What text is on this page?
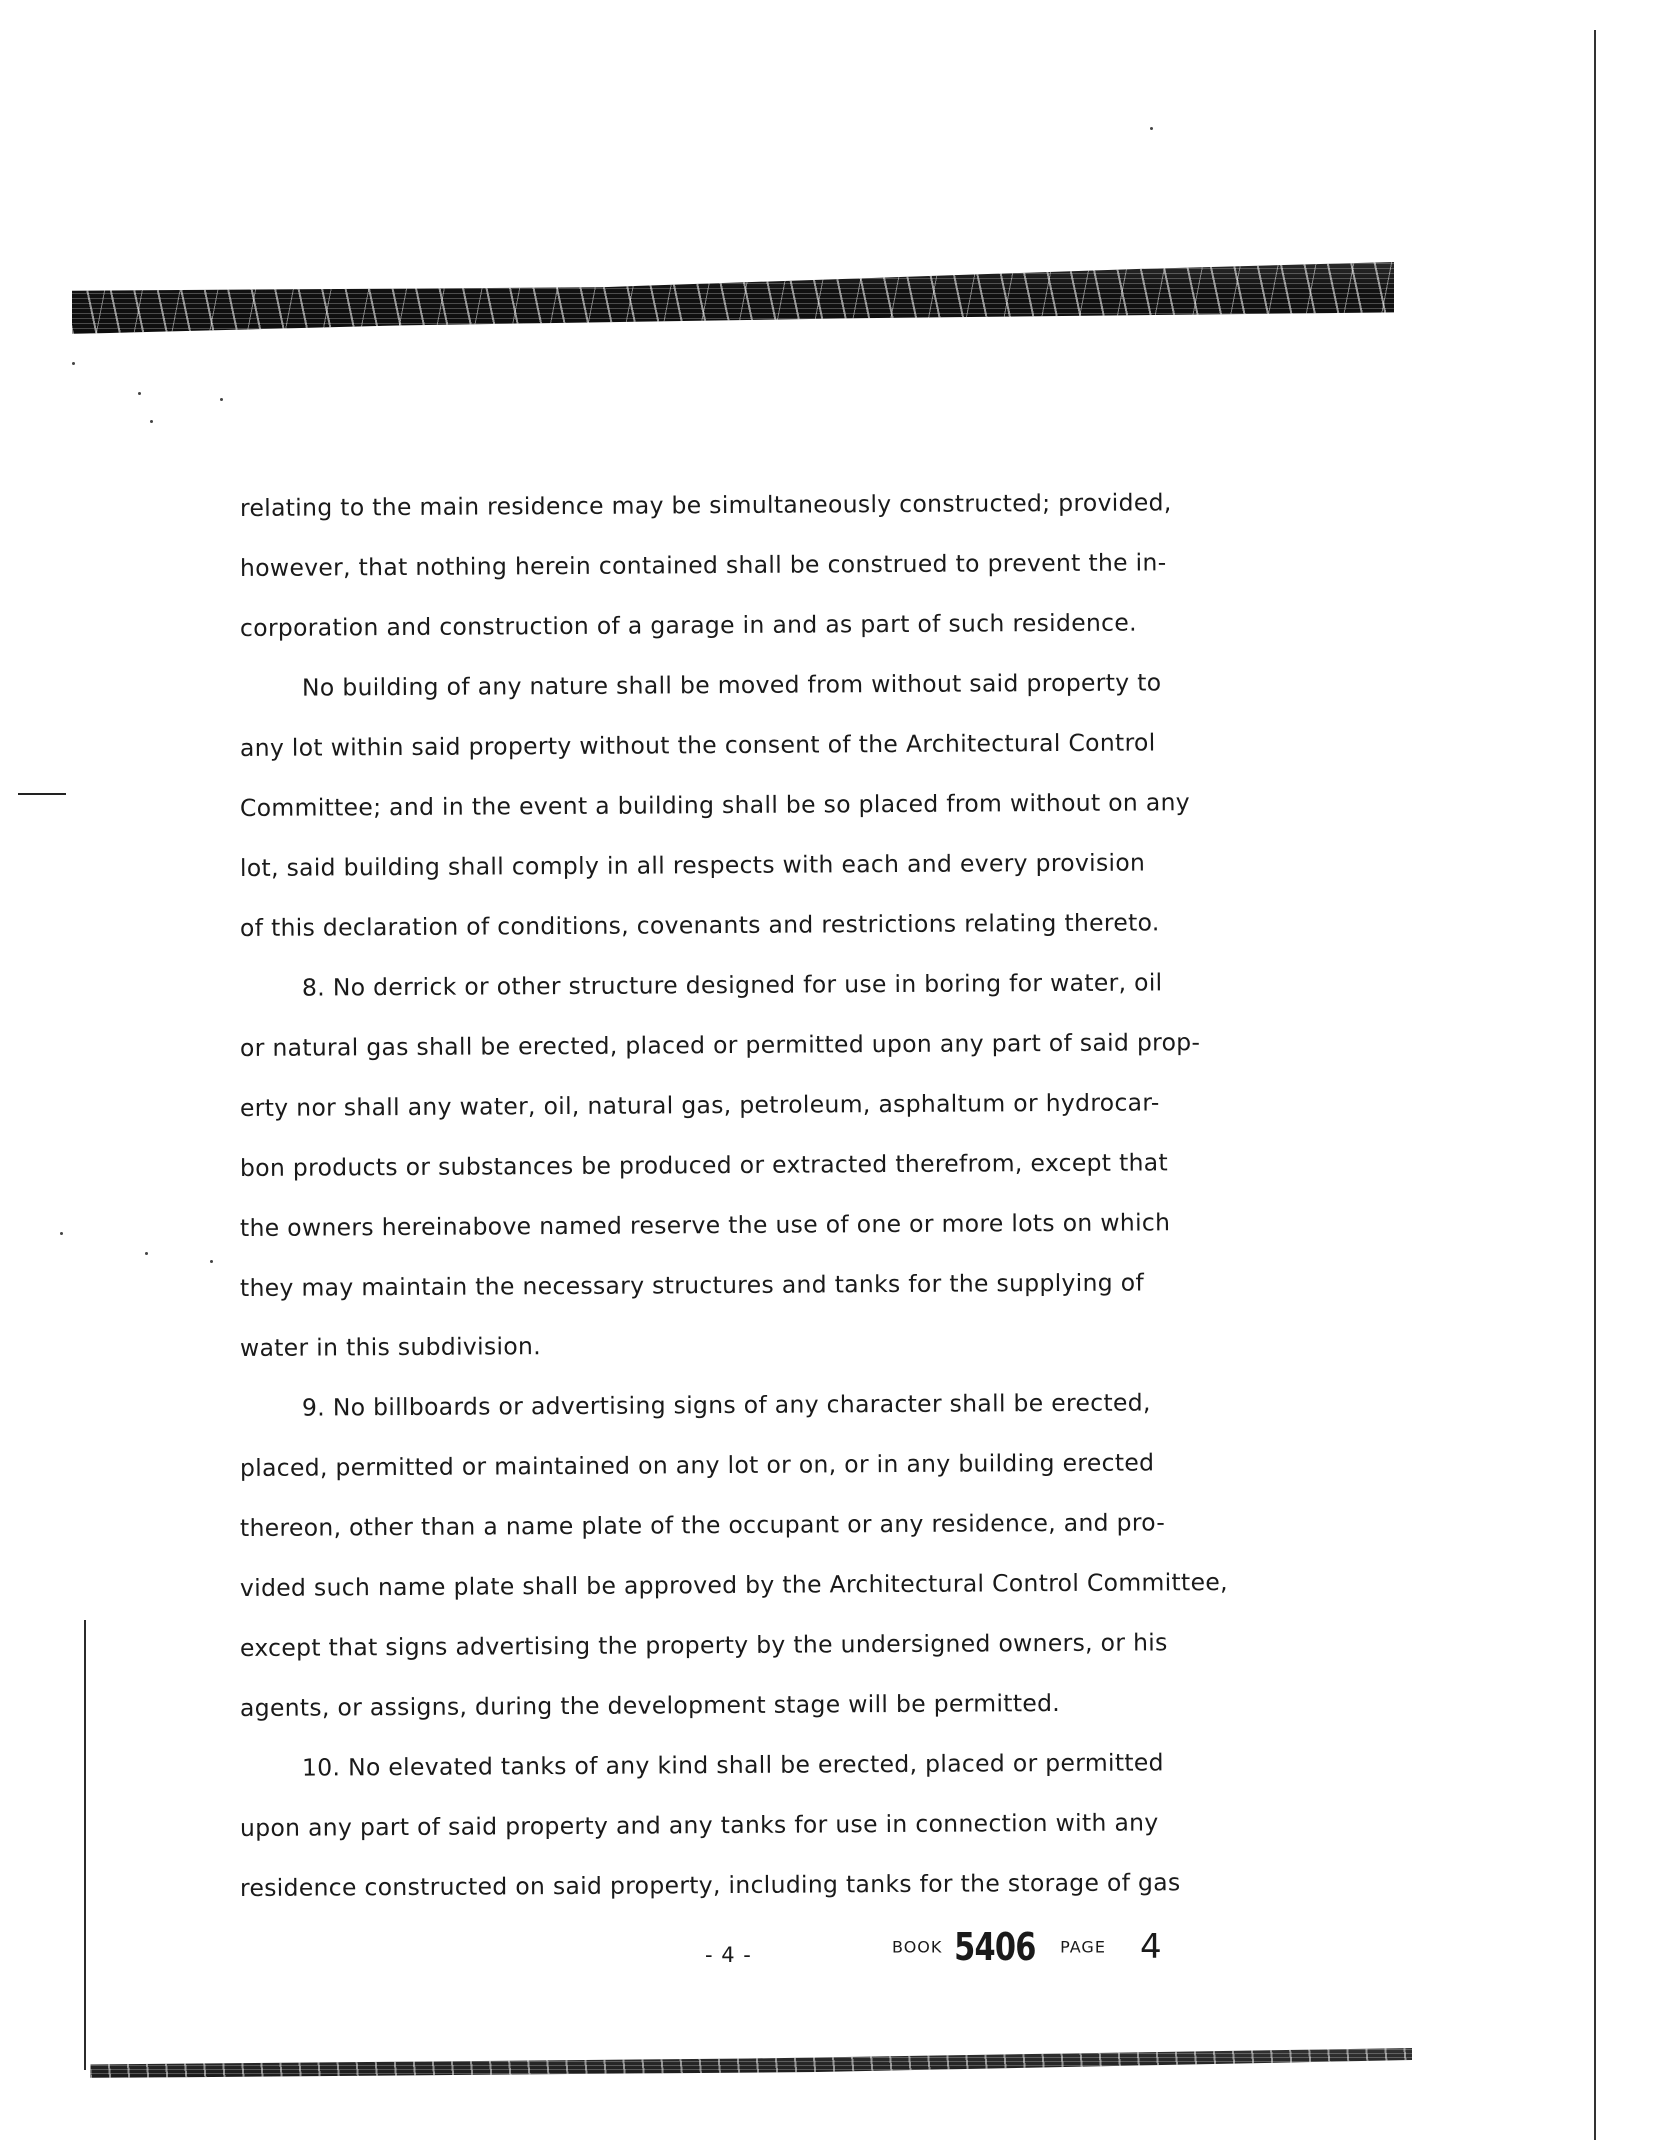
relating to the main residence may be simultaneously constructed; provided,
however, that nothing herein contained shall be construed to prevent the in-
corporation and construction of a garage in and as part of such residence.
No building of any nature shall be moved from without said property to
any lot within said property without the consent of the Architectural Control
Committee; and in the event a building shall be so placed from without on any
lot, said building shall comply in all respects with each and every provision
of this declaration of conditions, covenants and restrictions relating thereto.
8. No derrick or other structure designed for use in boring for water, oil
or natural gas shall be erected, placed or permitted upon any part of said prop-
erty nor shall any water, oil, natural gas, petroleum, asphaltum or hydrocar-
bon products or substances be produced or extracted therefrom, except that
the owners hereinabove named reserve the use of one or more lots on which
they may maintain the necessary structures and tanks for the supplying of
water in this subdivision.
9. No billboards or advertising signs of any character shall be erected,
placed, permitted or maintained on any lot or on, or in any building erected
thereon, other than a name plate of the occupant or any residence, and pro-
vided such name plate shall be approved by the Architectural Control Committee,
except that signs advertising the property by the undersigned owners, or his
agents, or assigns, during the development stage will be permitted.
10. No elevated tanks of any kind shall be erected, placed or permitted
upon any part of said property and any tanks for use in connection with any
residence constructed on said property, including tanks for the storage of gas
- 4 -	BOOK 5406 PAGE 4
